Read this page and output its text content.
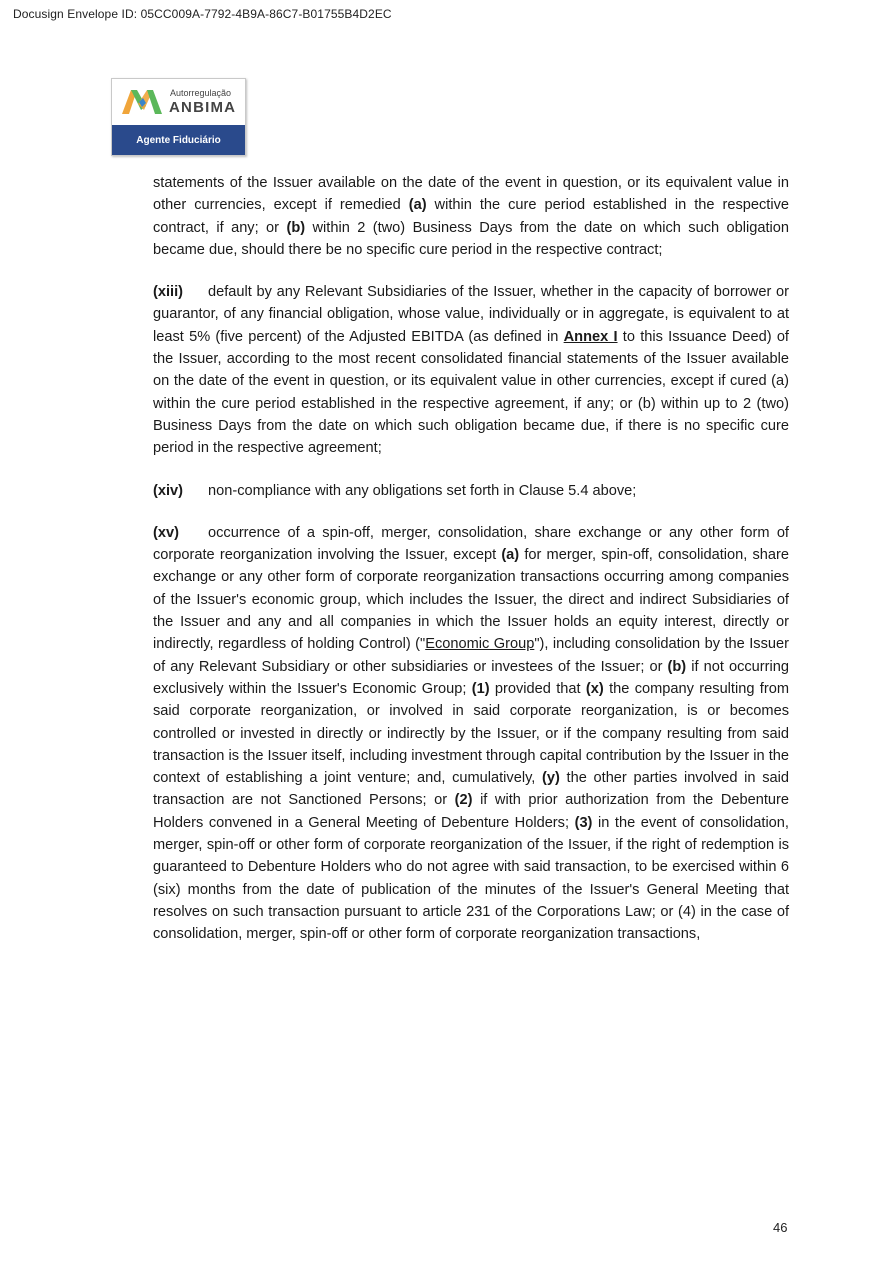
Docusign Envelope ID: 05CC009A-7792-4B9A-86C7-B01755B4D2EC
Autorregulação
ANBIMA
Agente Fiduciário

statements of the Issuer available on the date of the event in question, or its equivalent value in other currencies, except if remedied (a) within the cure period established in the respective contract, if any; or (b) within 2 (two) Business Days from the date on which such obligation became due, should there be no specific cure period in the respective contract;

(xiii) default by any Relevant Subsidiaries of the Issuer, whether in the capacity of borrower or guarantor, of any financial obligation, whose value, individually or in aggregate, is equivalent to at least 5% (five percent) of the Adjusted EBITDA (as defined in Annex I to this Issuance Deed) of the Issuer, according to the most recent consolidated financial statements of the Issuer available on the date of the event in question, or its equivalent value in other currencies, except if cured (a) within the cure period established in the respective agreement, if any; or (b) within up to 2 (two) Business Days from the date on which such obligation became due, if there is no specific cure period in the respective agreement;

(xiv) non-compliance with any obligations set forth in Clause 5.4 above;

(xv) occurrence of a spin-off, merger, consolidation, share exchange or any other form of corporate reorganization involving the Issuer, except (a) for merger, spin-off, consolidation, share exchange or any other form of corporate reorganization transactions occurring among companies of the Issuer's economic group, which includes the Issuer, the direct and indirect Subsidiaries of the Issuer and any and all companies in which the Issuer holds an equity interest, directly or indirectly, regardless of holding Control) ("Economic Group"), including consolidation by the Issuer of any Relevant Subsidiary or other subsidiaries or investees of the Issuer; or (b) if not occurring exclusively within the Issuer's Economic Group; (1) provided that (x) the company resulting from said corporate reorganization, or involved in said corporate reorganization, is or becomes controlled or invested in directly or indirectly by the Issuer, or if the company resulting from said transaction is the Issuer itself, including investment through capital contribution by the Issuer in the context of establishing a joint venture; and, cumulatively, (y) the other parties involved in said transaction are not Sanctioned Persons; or (2) if with prior authorization from the Debenture Holders convened in a General Meeting of Debenture Holders; (3) in the event of consolidation, merger, spin-off or other form of corporate reorganization of the Issuer, if the right of redemption is guaranteed to Debenture Holders who do not agree with said transaction, to be exercised within 6 (six) months from the date of publication of the minutes of the Issuer's General Meeting that resolves on such transaction pursuant to article 231 of the Corporations Law; or (4) in the case of consolidation, merger, spin-off or other form of corporate reorganization transactions,

46
